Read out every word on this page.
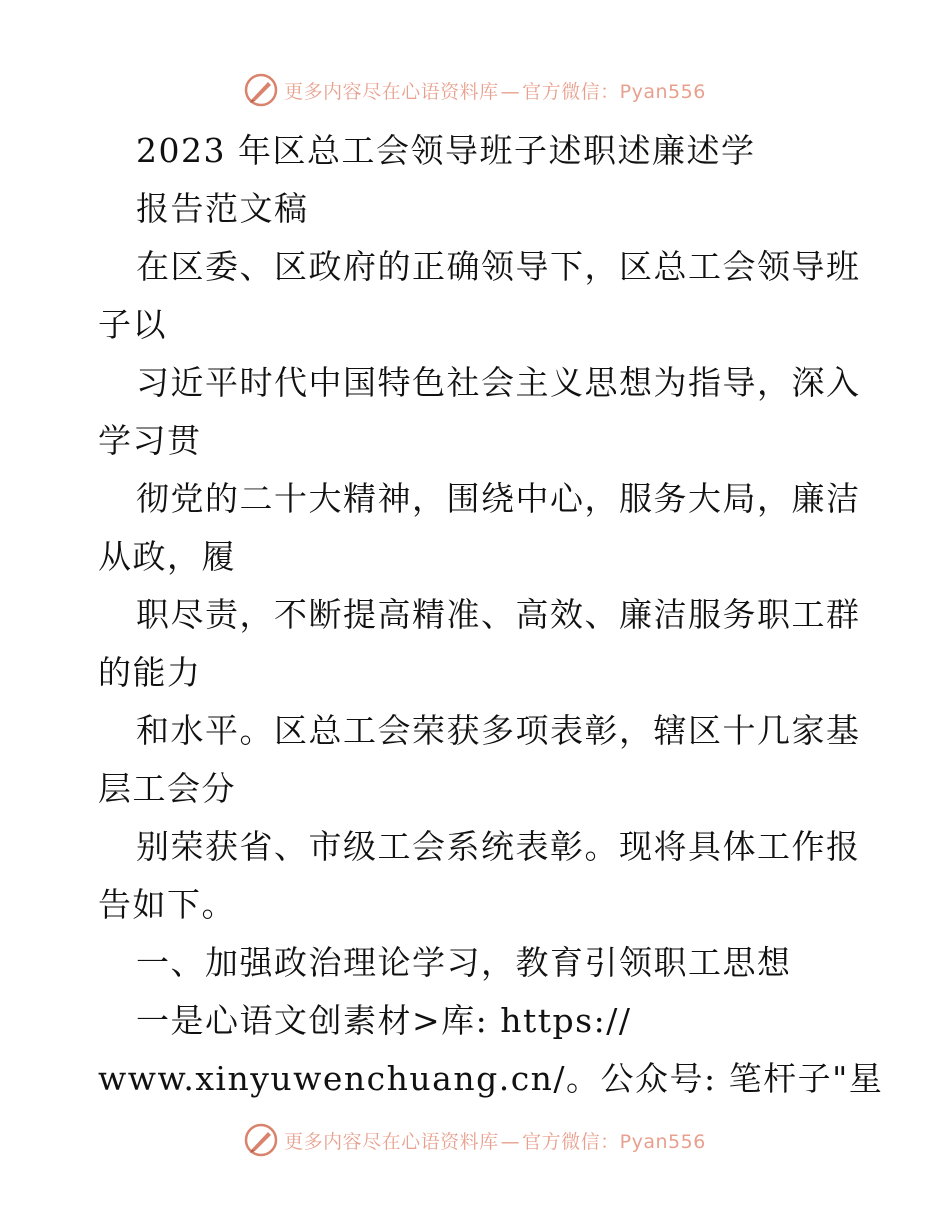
更多内容尽在心语资料库 — 官方微信：Pyan556
2023 年区总工会领导班子述职述廉述学
报告范文稿
在区委、区政府的正确领导下，区总工会领导班
子以
习近平时代中国特色社会主义思想为指导，深入
学习贯
彻党的二十大精神，围绕中心，服务大局，廉洁
从政，履
职尽责，不断提高精准、高效、廉洁服务职工群
的能力
和水平。区总工会荣获多项表彰，辖区十几家基
层工会分
别荣获省、市级工会系统表彰。现将具体工作报
告如下。
一、加强政治理论学习，教育引领职工思想
一是心语文创素材>库: https://
www.xinyuwenchuang.cn/。公众号: 笔杆子"星
更多内容尽在心语资料库 — 官方微信：Pyan556
